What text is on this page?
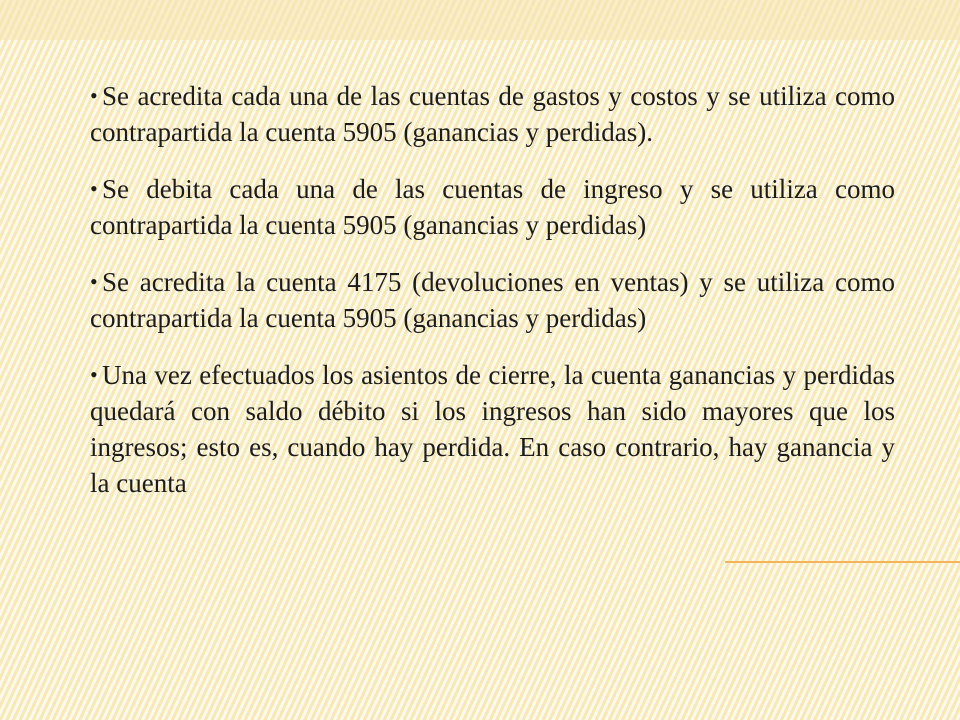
• Se acredita cada una de las cuentas de gastos y costos y se utiliza como contrapartida la cuenta 5905 (ganancias y perdidas).

• Se debita cada una de las cuentas de ingreso y se utiliza como contrapartida la cuenta 5905 (ganancias y perdidas)

• Se acredita la cuenta 4175 (devoluciones en ventas) y se utiliza como contrapartida la cuenta 5905 (ganancias y perdidas)

• Una vez efectuados los asientos de cierre, la cuenta ganancias y perdidas quedará con saldo débito si los ingresos han sido mayores que los ingresos; esto es, cuando hay perdida. En caso contrario, hay ganancia y la cuenta
